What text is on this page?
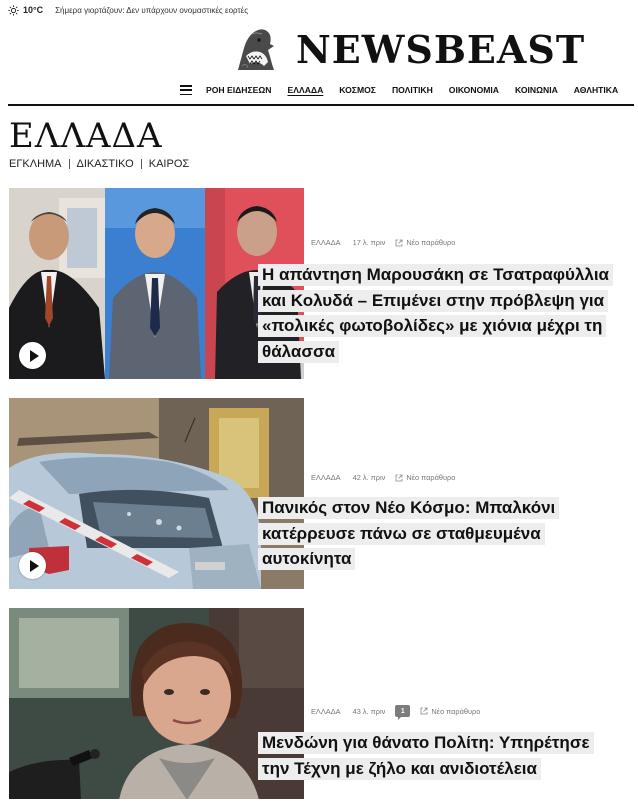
10°C Σήμερα γιορτάζουν: Δεν υπάρχουν ονομαστικές εορτές
NEWSBEAST
ΡΟΗ ΕΙΔΗΣΕΩΝ ΕΛΛΑΔΑ ΚΟΣΜΟΣ ΠΟΛΙΤΙΚΗ ΟΙΚΟΝΟΜΙΑ ΚΟΙΝΩΝΙΑ ΑΘΛΗΤΙΚΑ
ΕΛΛΑΔΑ
ΕΓΚΛΗΜΑ ΔΙΚΑΣΤΙΚΟ ΚΑΙΡΟΣ
ΕΛΛΑΔΑ 17 λ. πριν	Νέο παράθυρο
Η απάντηση Μαρουσάκη σε Τσατραφύλλια και Κολυδά – Επιμένει στην πρόβλεψη για «πολικές φωτοβολίδες» με χιόνια μέχρι τη θάλασσα
ΕΛΛΑΔΑ 42 λ. πριν	Νέο παράθυρο
Πανικός στον Νέο Κόσμο: Μπαλκόνι κατέρρευσε πάνω σε σταθμευμένα αυτοκίνητα
ΕΛΛΑΔΑ 43 λ. πριν	1	Νέο παράθυρο
Μενδώνη για θάνατο Πολίτη: Υπηρέτησε την Τέχνη με ζήλο και ανιδιοτέλεια
